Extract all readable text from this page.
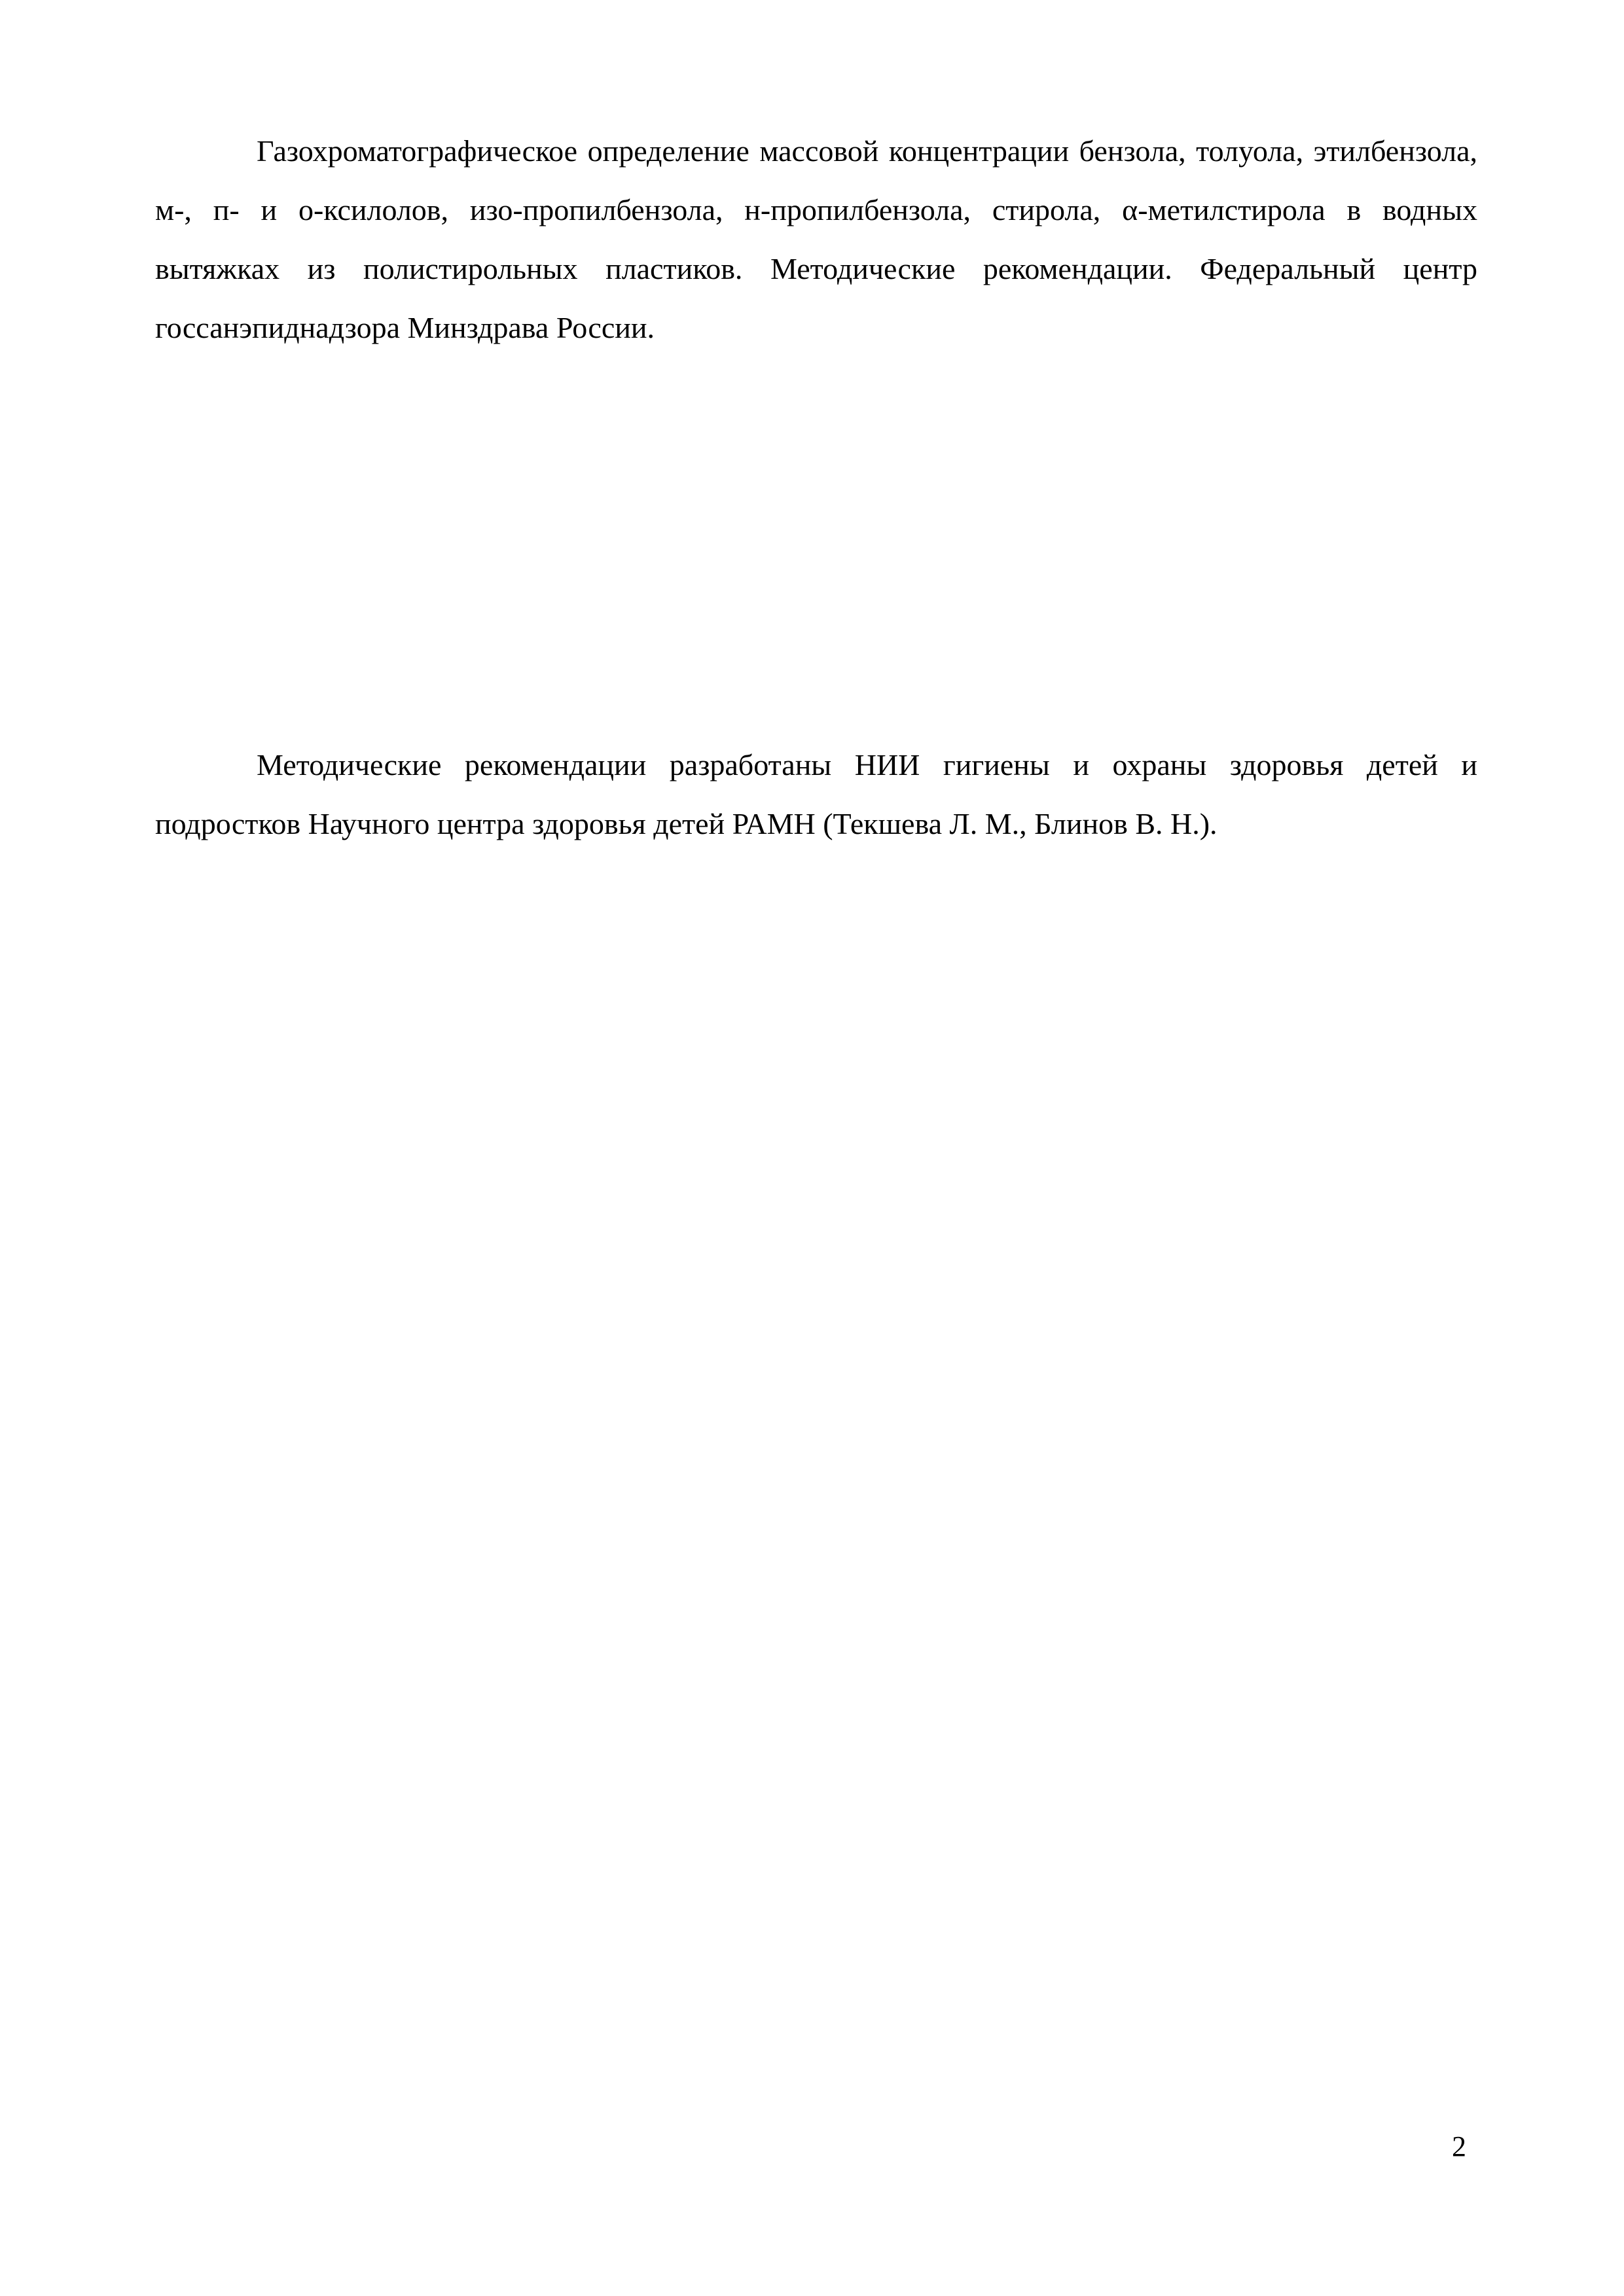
Газохроматографическое определение массовой концентрации бензола, толуола, этилбензола, м-, п- и о-ксилолов, изо-пропилбензола, н-пропилбензола, стирола, α-метилстирола в водных вытяжках из полистирольных пластиков. Методические рекомендации. Федеральный центр госсанэпиднадзора Минздрава России.

Методические рекомендации разработаны НИИ гигиены и охраны здоровья детей и подростков Научного центра здоровья детей РАМН (Текшева Л. М., Блинов В. Н.).

2
